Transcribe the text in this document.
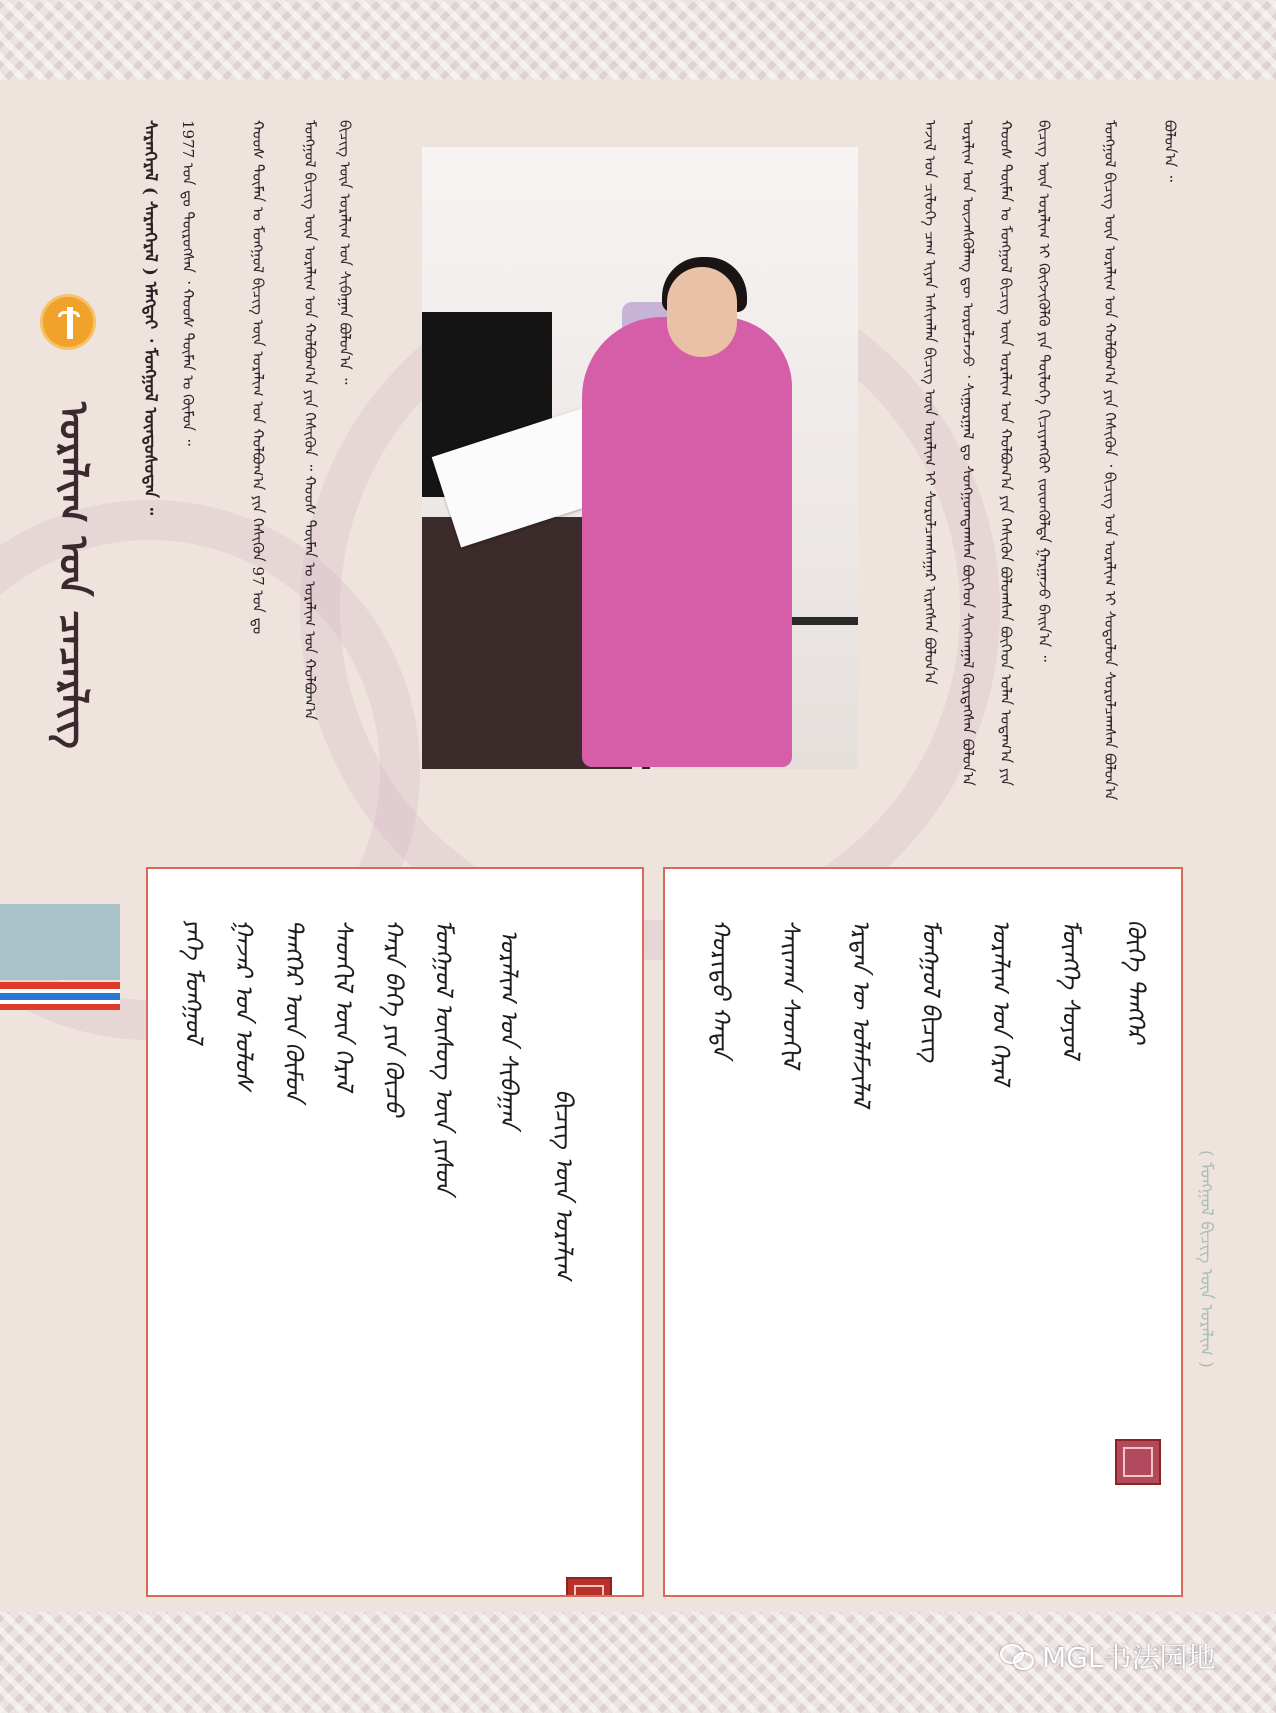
ᠤᠷᠠᠯᠢᠭ ᠤᠨ ᠴᠡᠴᠡᠷᠯᠢᠭ
ᠰᠠᠷᠠᠨᠭᠡᠷᠡᠯ ( ᠰᠠᠷᠠᠨᠭᠡᠷᠡᠯ ) ᠡᠮᠡᠭᠲᠡᠢ ᠂ ᠮᠣᠩᠭᠣᠯ ᠦᠨᠳᠦᠰᠦᠲᠡᠨ ᠃ 1977 ᠣᠨ ᠳᠤ ᠲᠥᠷᠥᠭᠰᠡᠨ ᠂ ᠬᠣᠣᠰ ᠲᠦᠮᠡᠨ ᠤ ᠬᠦᠮᠦᠨ ᠃	ᠬᠣᠣᠰ ᠲᠦᠮᠡᠨ ᠤ ᠮᠣᠩᠭᠣᠯ ᠪᠢᠴᠢᠭ ᠦᠨ ᠤᠷᠠᠯᠢᠭ ᠤᠨ ᠬᠣᠯᠪᠣᠭ᠎ᠠ ᠶᠢᠨ ᠭᠡᠰᠢᠭᠦᠨ 97 ᠣᠨ ᠳᠤ ᠮᠣᠩᠭᠣᠯ ᠪᠢᠴᠢᠭ ᠦᠨ ᠤᠷᠠᠯᠢᠭ ᠤᠨ ᠬᠣᠯᠪᠣᠭ᠎ᠠ ᠶᠢᠨ ᠭᠡᠰᠢᠭᠦᠨ ᠃ ᠬᠣᠣᠰ ᠲᠦᠮᠡᠨ ᠤ ᠤᠷᠠᠯᠢᠭ ᠤᠨ ᠬᠣᠯᠪᠣᠭ᠎ᠠ ᠪᠢᠴᠢᠭ ᠦᠨ ᠤᠷᠠᠯᠢᠭ ᠤᠨ ᠰᠢᠪᠠᠭᠠᠨ ᠪᠣᠯᠤᠨ᠎ᠠ ᠃	ᠠᠵᠢᠯ ᠤᠨ ᠴᠢᠯᠦᠭᠡ ᠴᠠᠭ ᠢᠶᠠᠨ ᠠᠰᠢᠭᠯᠠᠨ ᠪᠢᠴᠢᠭ ᠦᠨ ᠤᠷᠠᠯᠢᠭ ᠢ ᠰᠤᠷᠤᠯᠴᠠᠭᠰᠠᠭᠠᠷ ᠢᠷᠡᠭᠰᠡᠨ ᠪᠣᠯᠤᠨ᠎ᠠ ᠤᠷᠠᠯᠢᠭ ᠤᠨ ᠦᠵᠡᠰᠭᠦᠯᠡᠩ ᠳᠦ ᠣᠷᠣᠯᠴᠠᠵᠤ ᠂ ᠰᠢᠭᠤᠷᠭᠠᠯ ᠳᠤ ᠰᠣᠩᠭᠣᠭᠳᠠᠭᠰᠠᠨ ᠪᠥᠭᠡᠳ ᠰᠢᠩᠬᠠᠭᠠᠯ ᠬᠦᠷᠲᠡᠭᠰᠡᠨ ᠪᠣᠯᠤᠨ᠎ᠠ ᠬᠣᠣᠰ ᠲᠦᠮᠡᠨ ᠤ ᠮᠣᠩᠭᠣᠯ ᠪᠢᠴᠢᠭ ᠦᠨ ᠤᠷᠠᠯᠢᠭ ᠤᠨ ᠬᠣᠯᠪᠣᠭ᠎ᠠ ᠶᠢᠨ ᠭᠡᠰᠢᠭᠦᠨ ᠪᠣᠯᠤᠭᠰᠠᠨ ᠪᠥᠭᠡᠳ ᠣᠯᠠᠨ ᠤᠳᠠᠭ᠎ᠠ ᠶᠢᠨ ᠪᠢᠴᠢᠭ ᠦᠨ ᠤᠷᠠᠯᠢᠭ ᠢ ᠬᠥᠭᠵᠢᠭᠦᠯᠬᠦ ᠶᠢᠨ ᠲᠥᠯᠦᠭᠡ ᠬᠢᠴᠢᠶᠡᠩᠭᠦᠢ ᠵᠦᠳᠬᠥᠯᠲᠡ ᠭᠠᠷᠭᠠᠵᠤ ᠪᠠᠢᠨ᠎ᠠ ᠃	ᠮᠣᠩᠭᠣᠯ ᠪᠢᠴᠢᠭ ᠦᠨ ᠤᠷᠠᠯᠢᠭ ᠤᠨ ᠬᠣᠯᠪᠣᠭ᠎ᠠ ᠶᠢᠨ ᠭᠡᠰᠢᠭᠦᠨ ᠂ ᠪᠢᠴᠢᠭ ᠤᠨ ᠤᠷᠠᠯᠢᠭ ᠢ ᠰᠤᠳᠤᠯᠤᠨ ᠰᠤᠷᠤᠯᠴᠠᠭᠰᠠᠨ ᠪᠣᠯᠤᠨ᠎ᠠ	ᠪᠣᠯᠤᠨ᠎ᠠ ᠃
ᠶᠡᠬᠡ ᠮᠣᠩᠭᠣᠯ ᠭᠠᠵᠠᠷ ᠤᠨ ᠤᠯᠤᠰ ᠲᠡᠩᠭᠡᠷ ᠦᠨ ᠬᠦᠮᠦᠨ ᠰᠡᠳᠬᠢᠯ ᠦᠨ ᠭᠡᠷᠡᠯ ᠬᠠᠷᠠ ᠪᠡᠬᠡ ᠶᠢᠨ ᠬᠦᠴᠦ ᠮᠣᠩᠭᠣᠯ ᠦᠰᠦᠭ ᠦᠨ ᠶᠢᠰᠦᠨ ᠤᠷᠠᠯᠢᠭ ᠤᠨ ᠰᠢᠪᠠᠭᠠᠨ
ᠪᠢᠴᠢᠭ ᠦᠨ ᠤᠷᠠᠯᠢᠭ
ᠬᠣᠷᠢᠳᠤ ᠬᠠᠳᠠ ᠰᠠᠢᠬᠠᠨ ᠰᠡᠳᠬᠢᠯ ᠡᠷᠲᠡᠨ ᠦ ᠤᠯᠠᠮᠵᠢᠯᠠᠯ ᠮᠣᠩᠭᠣᠯ ᠪᠢᠴᠢᠭ ᠤᠷᠠᠯᠢᠭ ᠤᠨ ᠭᠡᠷᠡᠯ ᠮᠥᠩᠬᠡ ᠰᠣᠶᠣᠯ ᠬᠥᠬᠡ ᠲᠡᠩᠭᠡᠷ
( ᠮᠣᠩᠭᠣᠯ ᠪᠢᠴᠢᠭ ᠦᠨ ᠤᠷᠠᠯᠢᠭ )
MGL书法园地
